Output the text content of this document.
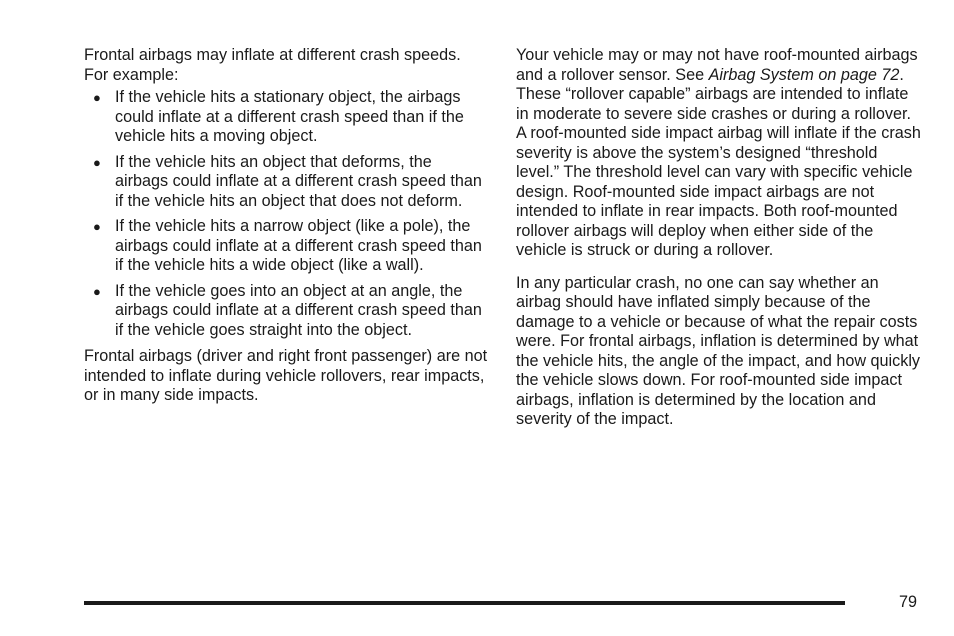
Frontal airbags may inflate at different crash speeds. For example:

● If the vehicle hits a stationary object, the airbags could inflate at a different crash speed than if the vehicle hits a moving object.
● If the vehicle hits an object that deforms, the airbags could inflate at a different crash speed than if the vehicle hits an object that does not deform.
● If the vehicle hits a narrow object (like a pole), the airbags could inflate at a different crash speed than if the vehicle hits a wide object (like a wall).
● If the vehicle goes into an object at an angle, the airbags could inflate at a different crash speed than if the vehicle goes straight into the object.

Frontal airbags (driver and right front passenger) are not intended to inflate during vehicle rollovers, rear impacts, or in many side impacts.

Your vehicle may or may not have roof-mounted airbags and a rollover sensor. See Airbag System on page 72. These “rollover capable” airbags are intended to inflate in moderate to severe side crashes or during a rollover. A roof-mounted side impact airbag will inflate if the crash severity is above the system’s designed “threshold level.” The threshold level can vary with specific vehicle design. Roof-mounted side impact airbags are not intended to inflate in rear impacts. Both roof-mounted rollover airbags will deploy when either side of the vehicle is struck or during a rollover.

In any particular crash, no one can say whether an airbag should have inflated simply because of the damage to a vehicle or because of what the repair costs were. For frontal airbags, inflation is determined by what the vehicle hits, the angle of the impact, and how quickly the vehicle slows down. For roof-mounted side impact airbags, inflation is determined by the location and severity of the impact.

79
